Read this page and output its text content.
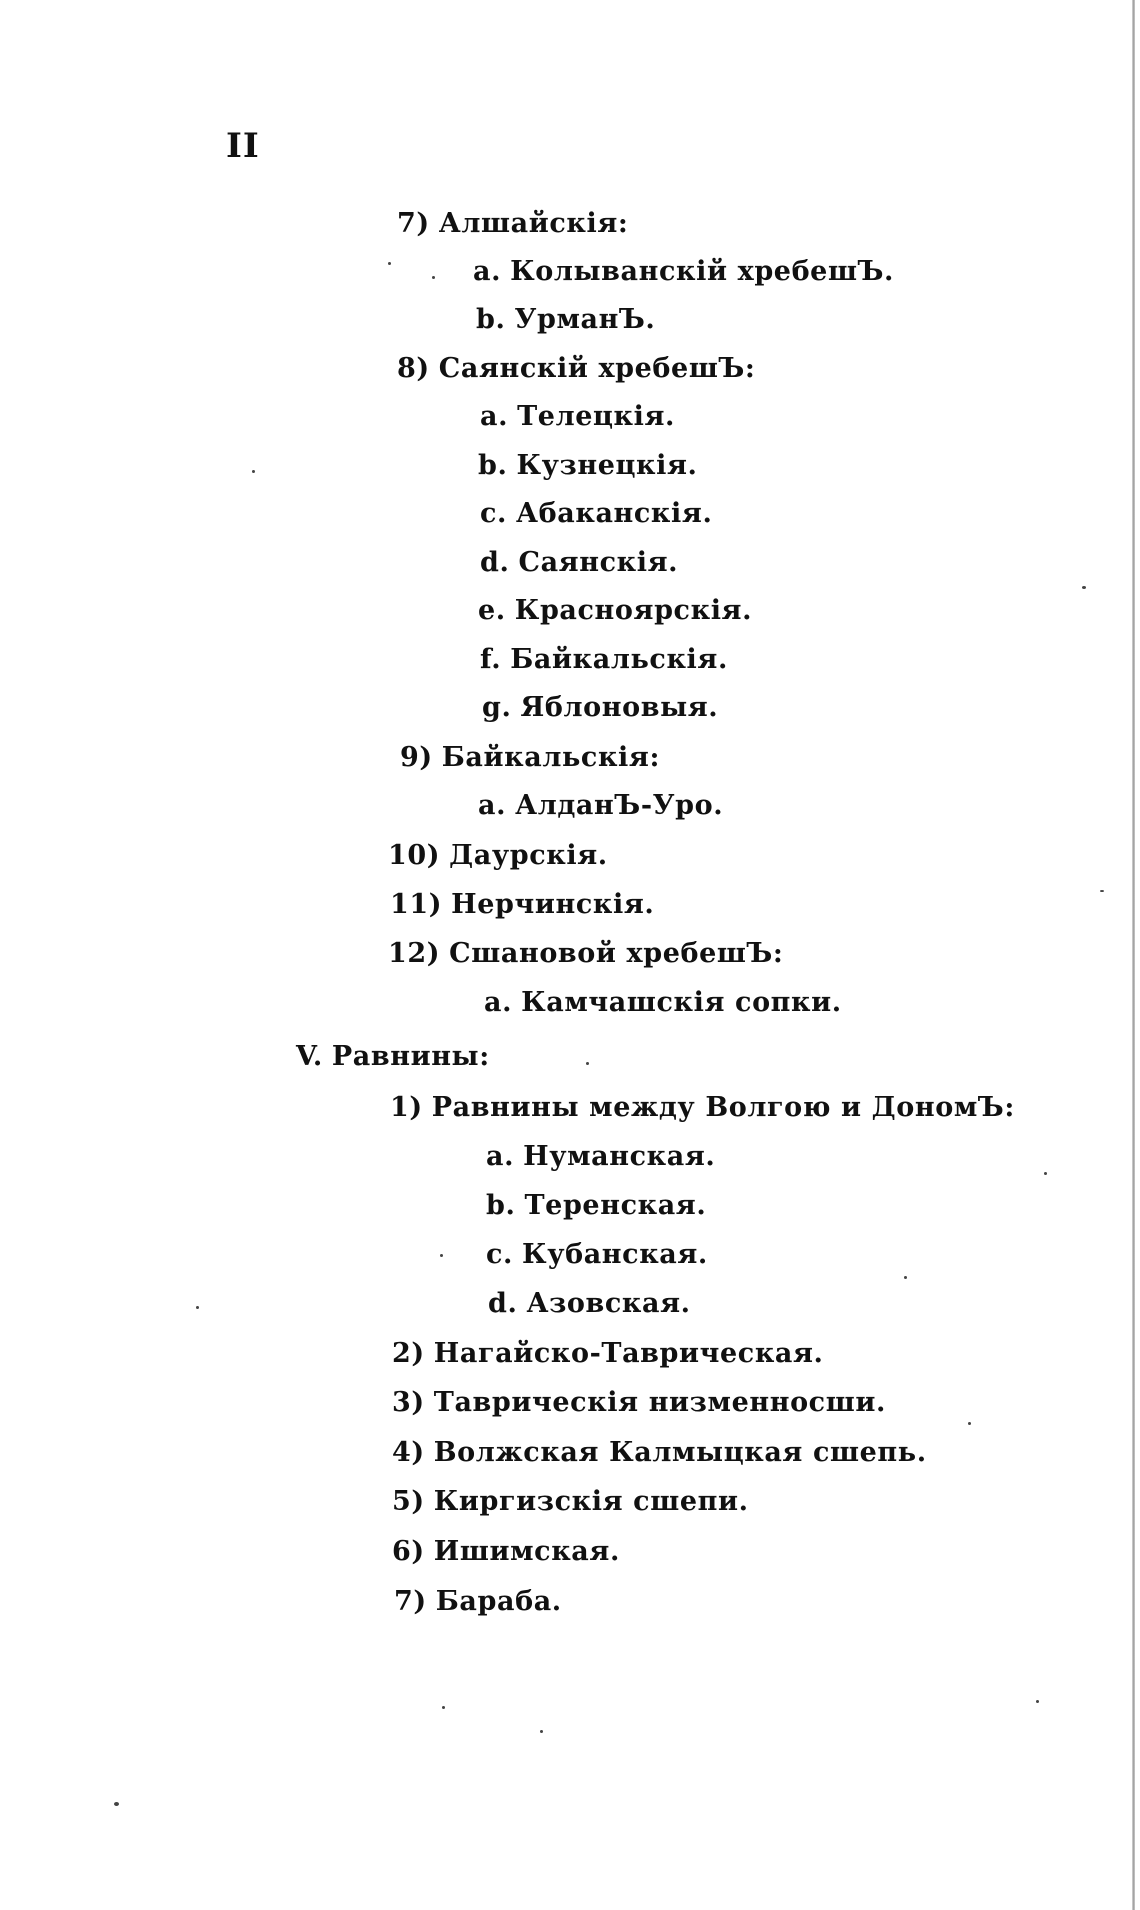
II
7) Алшайскія:
a. Колыванскій хребешЪ.
b. УрманЪ.
8) Саянскій хребешЪ:
a. Телецкія.
b. Кузнецкія.
c. Абаканскія.
d. Саянскія.
e. Красноярскія.
f. Байкальскія.
g. Яблоновыя.
9) Байкальскія:
a. АлданЪ-Уро.
10) Даурскія.
11) Нерчинскія.
12) Сшановой хребешЪ:
a. Камчашскія сопки.
V. Равнины:
1) Равнины между Волгою и ДономЪ:
a. Нуманская.
b. Теренская.
c. Кубанская.
d. Азовская.
2) Нагайско-Таврическая.
3) Таврическія низменносши.
4) Волжская Калмыцкая сшепь.
5) Киргизскія сшепи.
6) Ишимская.
7) Бараба.
